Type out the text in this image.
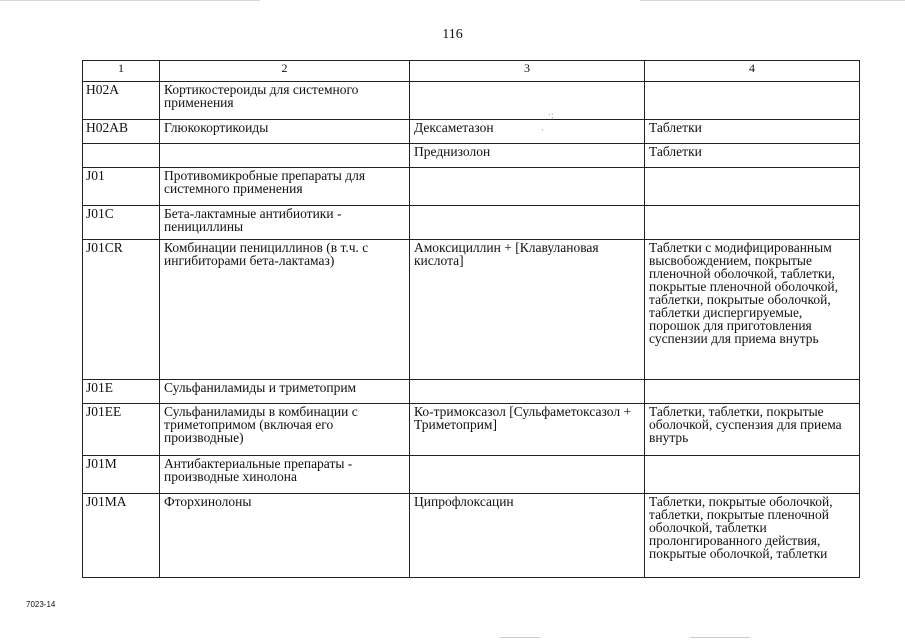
116
1	2	3	4
H02A	Кортикостероиды для системного применения		
H02AB	Глюкокортикоиды	Дексаметазон	Таблетки
		Преднизолон	Таблетки
J01	Противомикробные препараты для системного применения		
J01C	Бета-лактамные антибиотики - пенициллины		
J01CR	Комбинации пенициллинов (в т.ч. с ингибиторами бета-лактамаз)	Амоксициллин + [Клавулановая кислота]	Таблетки с модифицированным высвобождением, покрытые пленочной оболочкой, таблетки, покрытые пленочной оболочкой, таблетки, покрытые оболочкой, таблетки диспергируемые, порошок для приготовления суспензии для приема внутрь
J01E	Сульфаниламиды и триметоприм		
J01EE	Сульфаниламиды в комбинации с триметопримом (включая его производные)	Ко-тримоксазол [Сульфаметоксазол + Триметоприм]	Таблетки, таблетки, покрытые оболочкой, суспензия для приема внутрь
J01M	Антибактериальные препараты - производные хинолона		
J01MA	Фторхинолоны	Ципрофлоксацин	Таблетки, покрытые оболочкой, таблетки, покрытые пленочной оболочкой, таблетки пролонгированного действия, покрытые оболочкой, таблетки
·:
·
7023-14
